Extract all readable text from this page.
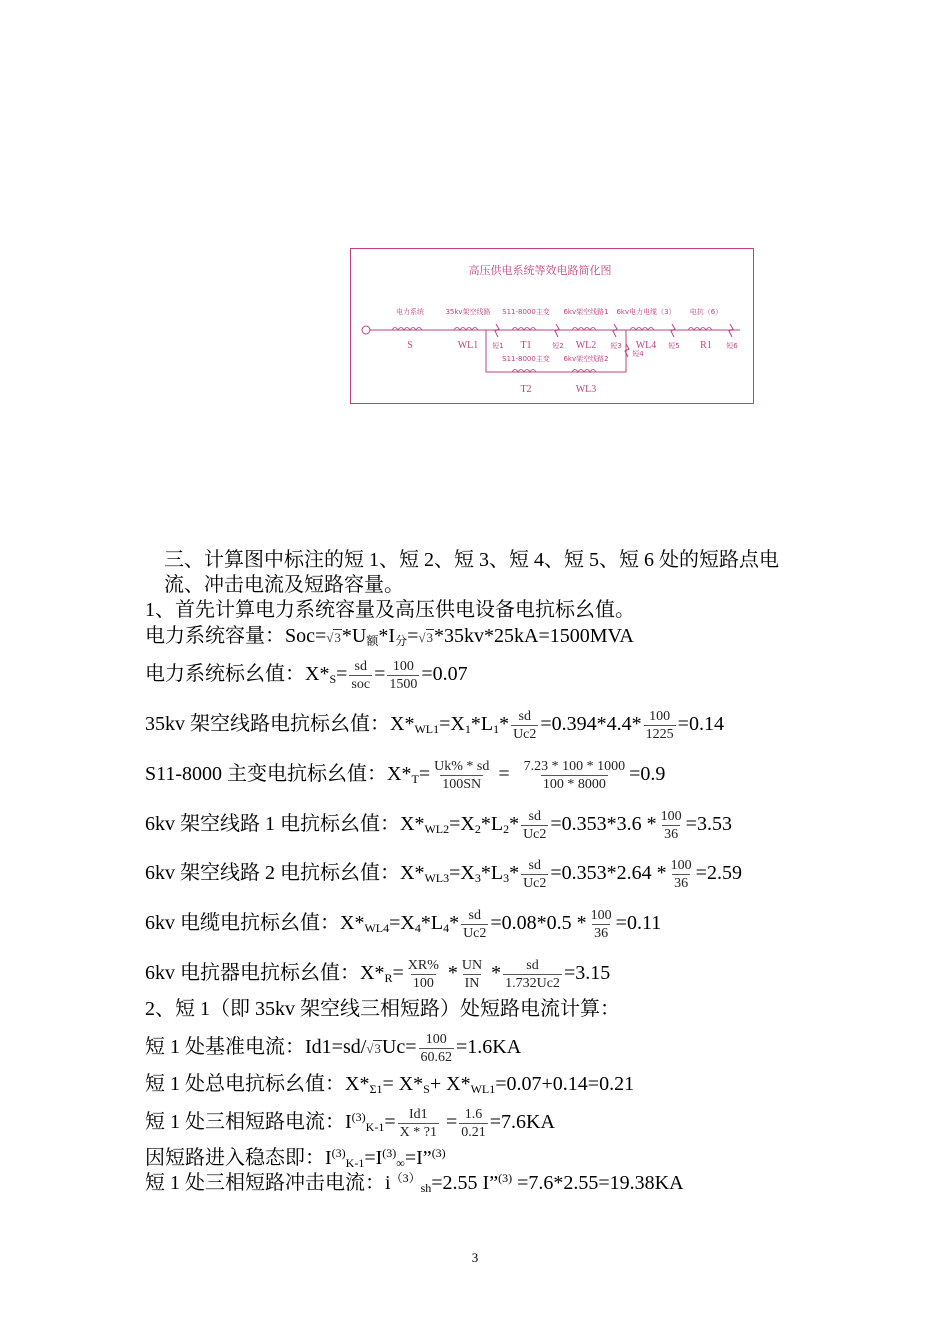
高压供电系统等效电路简化图
电力系统	35kv架空线路 S11-8000主变 6kv架空线路1 6kv电力电缆（3） 电抗（6）
S11-8000主变 6kv架空线路2
短1	短2	短3
短4
短5	短6
S	WL1	T1	WL2	WL4	R1
T2	WL3
三、计算图中标注的短 1、短 2、短 3、短 4、短 5、短 6 处的短路点电
流、冲击电流及短路容量。
1、首先计算电力系统容量及高压供电设备电抗标幺值。
电力系统容量：$Soc=√3*U_额*I_分=√3*35kv*25kA=1500MVA$
电力系统标幺值：$X*_S= \frac{sd}{\text{soc}} = \frac{100}{1500} =0.07$
35kv 架空线路电抗标幺值：$X*_{WL1}=X_1*L_1* \frac{sd}{Uc2} =0.394*4.4* \frac{100}{1225} =0.14$
S11-8000 主变电抗标幺值：$X*_T= \frac{Uk\% * sd}{100SN} = \frac{7.23 * 100 * 1000}{100 * 8000} =0.9$
6kv 架空线路 1 电抗标幺值：$X*_{WL2}=X_2*L_2* \frac{sd}{Uc2} =0.353*3.6 * \frac{100}{36} =3.53$
6kv 架空线路 2 电抗标幺值：$X*_{WL3}=X_3*L_3* \frac{sd}{Uc2} =0.353*2.64 * \frac{100}{36} =2.59$
6kv 电缆电抗标幺值：$X*_{WL4}=X_4*L_4* \frac{sd}{Uc2} =0.08*0.5 * \frac{100}{36} =0.11$
6kv 电抗器电抗标幺值：$X*_R= \frac{XR\%}{100} * \frac{UN}{IN} * \frac{sd}{1.732Uc2} =3.15$
2、短 1（即 35kv 架空线三相短路）处短路电流计算：
短 1 处基准电流：$Id1=sd/√3Uc= \frac{100}{60.62} =1.6KA$
短 1 处总电抗标幺值：$X*_{\Sigma 1}= X*_S+ X*_{WL1}=0.07+0.14=0.21$
短 1 处三相短路电流：$I^{(3)}_{K-1}= \frac{Id1}{X * ?1} = \frac{1.6}{0.21} =7.6KA$
因短路进入稳态即：$I^{(3)}_{K-1}=I^{(3)}_\infty=I”^{(3)}$
短 1 处三相短路冲击电流：$i^{(3)}_{sh}=2.55$ I”$^{(3)}$ =7.6*2.55=19.38KA
3
